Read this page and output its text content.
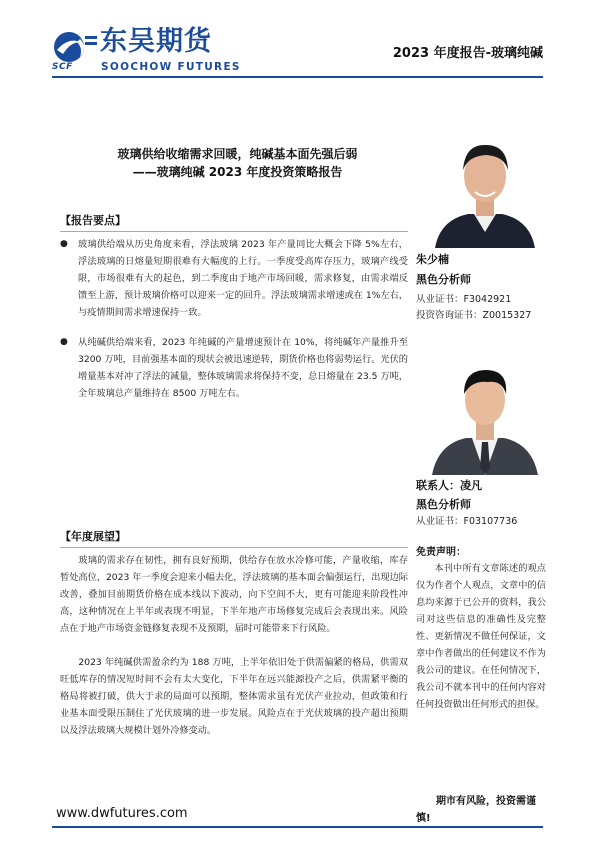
东吴期货
SCF	SOOCHOW FUTURES
2023 年度报告-玻璃纯碱
玻璃供给收缩需求回暖，纯碱基本面先强后弱
——玻璃纯碱 2023 年度投资策略报告
【报告要点】
●	玻璃供给端从历史角度来看，浮法玻璃 2023 年产量同比大概会下降 5%左右，浮法玻璃的日熔量短期很难有大幅度的上行。一季度受高库存压力，玻璃产线受限，市场很难有大的起色，到二季度由于地产市场回暖，需求修复，由需求端反馈至上游，预计玻璃价格可以迎来一定的回升。浮法玻璃需求增速或在 1%左右，与疫情期间需求增速保持一致。
●	从纯碱供给端来看，2023 年纯碱的产量增速预计在 10%，将纯碱年产量推升至 3200 万吨，目前强基本面的现状会被迅速逆转，期货价格也将弱势运行。光伏的增量基本对冲了浮法的减量，整体玻璃需求将保持不变，总日熔量在 23.5 万吨，全年玻璃总产量维持在 8500 万吨左右。
【年度展望】
玻璃的需求存在韧性，拥有良好预期，供给存在放水冷修可能，产量收缩，库存暂处高位，2023 年一季度会迎来小幅去化，浮法玻璃的基本面会偏强运行，出现边际改善，叠加目前期货价格在成本线以下波动，向下空间不大，更有可能迎来阶段性冲高，这种情况在上半年或表现不明显，下半年地产市场修复完成后会表现出来。风险点在于地产市场资金链修复表现不及预期，届时可能带来下行风险。
2023 年纯碱供需盈余约为 188 万吨，上半年依旧处于供需偏紧的格局，供需双旺低库存的情况短时间不会有太大变化，下半年在远兴能源投产之后，供需紧平衡的格局将被打破，供大于求的局面可以预期，整体需求虽有光伏产业拉动，但政策和行业基本面受限压制住了光伏玻璃的进一步发展。风险点在于光伏玻璃的投产超出预期以及浮法玻璃大规模计划外冷修变动。
朱少楠
黑色分析师
从业证书：F3042921
投资咨询证书：Z0015327
联系人：凌凡
黑色分析师
从业证书：F03107736
免责声明：
本刊中所有文章陈述的观点仅为作者个人观点，文章中的信息均来源于已公开的资料，我公司对这些信息的准确性及完整性、更新情况不做任何保证，文章中作者做出的任何建议不作为我公司的建议。在任何情况下，我公司不就本刊中的任何内容对任何投资做出任何形式的担保。
期市有风险，投资需谨慎!
www.dwfutures.com
